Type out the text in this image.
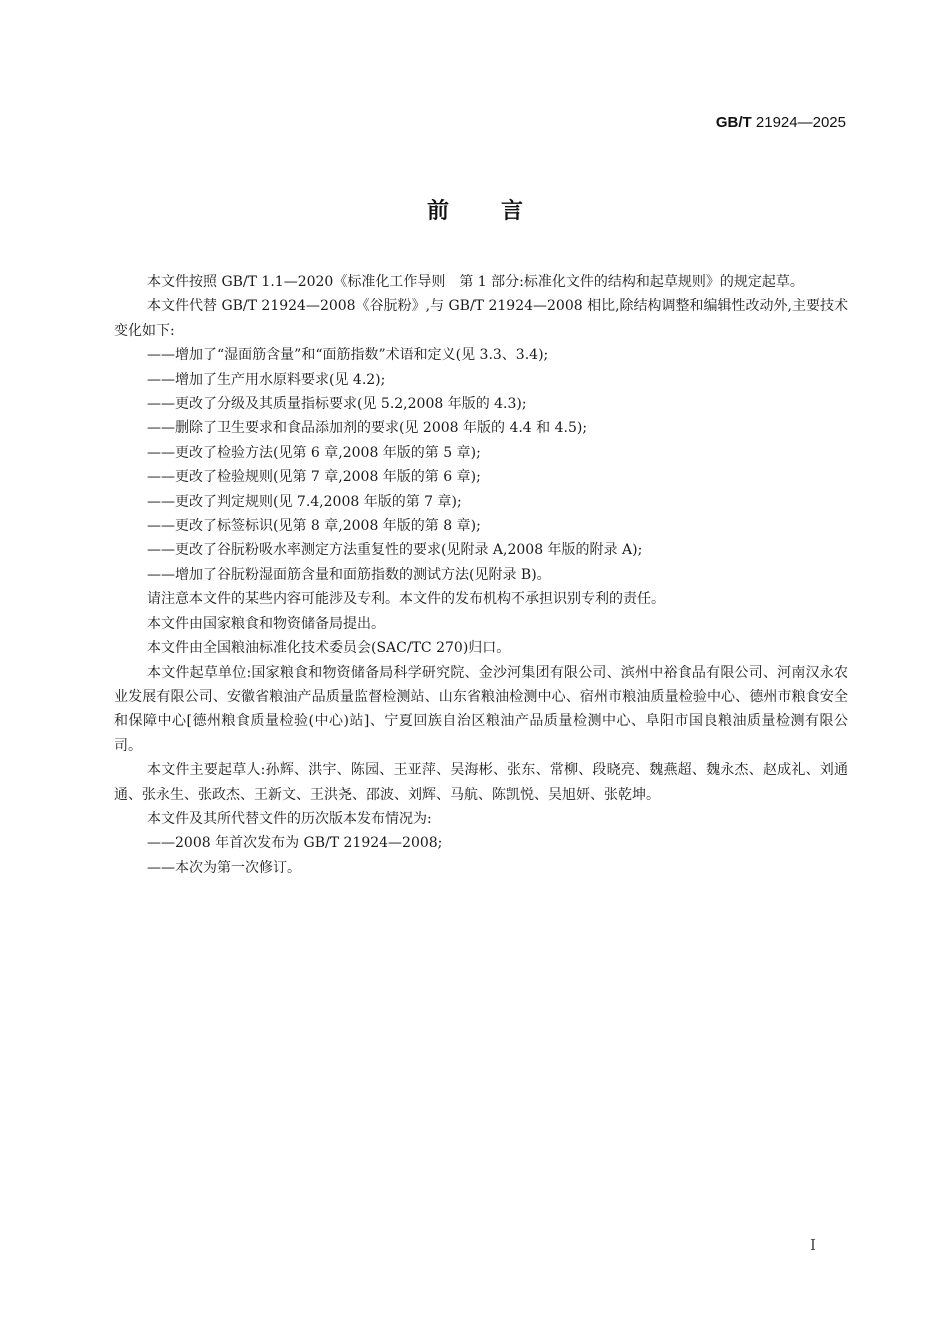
GB/T 21924—2025
前言

本文件按照 GB/T 1.1—2020《标准化工作导则　第 1 部分:标准化文件的结构和起草规则》的规定起草。

本文件代替 GB/T 21924—2008《谷朊粉》,与 GB/T 21924—2008 相比,除结构调整和编辑性改动外,主要技术变化如下:

——增加了“湿面筋含量”和“面筋指数”术语和定义(见 3.3、3.4);

——增加了生产用水原料要求(见 4.2);

——更改了分级及其质量指标要求(见 5.2,2008 年版的 4.3);

——删除了卫生要求和食品添加剂的要求(见 2008 年版的 4.4 和 4.5);

——更改了检验方法(见第 6 章,2008 年版的第 5 章);

——更改了检验规则(见第 7 章,2008 年版的第 6 章);

——更改了判定规则(见 7.4,2008 年版的第 7 章);

——更改了标签标识(见第 8 章,2008 年版的第 8 章);

——更改了谷朊粉吸水率测定方法重复性的要求(见附录 A,2008 年版的附录 A);

——增加了谷朊粉湿面筋含量和面筋指数的测试方法(见附录 B)。

请注意本文件的某些内容可能涉及专利。本文件的发布机构不承担识别专利的责任。

本文件由国家粮食和物资储备局提出。

本文件由全国粮油标准化技术委员会(SAC/TC 270)归口。

本文件起草单位:国家粮食和物资储备局科学研究院、金沙河集团有限公司、滨州中裕食品有限公司、河南汉永农业发展有限公司、安徽省粮油产品质量监督检测站、山东省粮油检测中心、宿州市粮油质量检验中心、德州市粮食安全和保障中心[德州粮食质量检验(中心)站]、宁夏回族自治区粮油产品质量检测中心、阜阳市国良粮油质量检测有限公司。

本文件主要起草人:孙辉、洪宇、陈园、王亚萍、吴海彬、张东、常柳、段晓亮、魏燕超、魏永杰、赵成礼、刘通通、张永生、张政杰、王新文、王洪尧、邵波、刘辉、马航、陈凯悦、吴旭妍、张乾坤。

本文件及其所代替文件的历次版本发布情况为:

——2008 年首次发布为 GB/T 21924—2008;

——本次为第一次修订。

I
